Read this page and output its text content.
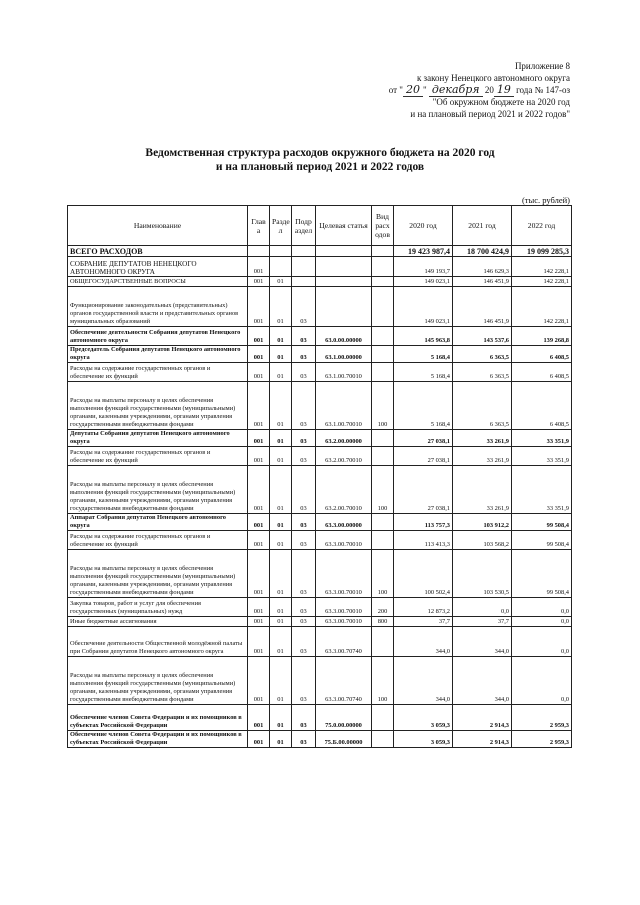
Приложение 8
к закону Ненецкого автономного округа
от " 20 " декабря 20 19 года № 147-оз
"Об окружном бюджете на 2020 год
и на плановый период 2021 и 2022 годов"
Ведомственная структура расходов окружного бюджета на 2020 год
и на плановый период 2021 и 2022 годов
(тыс. рублей)
Наименование	Глав а	Разде л	Подр аздел	Целевая статья	Вид расх одов	2020 год	2021 год	2022 год
ВСЕГО РАСХОДОВ						19 423 987,4	18 700 424,9	19 099 285,3
СОБРАНИЕ ДЕПУТАТОВ НЕНЕЦКОГО АВТОНОМНОГО ОКРУГА	001					149 193,7	146 629,3	142 228,1
ОБЩЕГОСУДАРСТВЕННЫЕ ВОПРОСЫ	001	01				149 023,1	146 451,9	142 228,1
Функционирование законодательных (представительных) органов государственной власти и представительных органов муниципальных образований	001	01	03			149 023,1	146 451,9	142 228,1
Обеспечение деятельности Собрания депутатов Ненецкого автономного округа	001	01	03	63.0.00.00000		145 963,8	143 537,6	139 268,8
Председатель Собрания депутатов Ненецкого автономного округа	001	01	03	63.1.00.00000		5 168,4	6 363,5	6 408,5
Расходы на содержание государственных органов и обеспечение их функций	001	01	03	63.1.00.70010		5 168,4	6 363,5	6 408,5
Расходы на выплаты персоналу в целях обеспечения выполнения функций государственными (муниципальными) органами, казенными учреждениями, органами управления государственными внебюджетными фондами	001	01	03	63.1.00.70010	100	5 168,4	6 363,5	6 408,5
Депутаты Собрания депутатов Ненецкого автономного округа	001	01	03	63.2.00.00000		27 038,1	33 261,9	33 351,9
Расходы на содержание государственных органов и обеспечение их функций	001	01	03	63.2.00.70010		27 038,1	33 261,9	33 351,9
Расходы на выплаты персоналу в целях обеспечения выполнения функций государственными (муниципальными) органами, казенными учреждениями, органами управления государственными внебюджетными фондами	001	01	03	63.2.00.70010	100	27 038,1	33 261,9	33 351,9
Аппарат Собрания депутатов Ненецкого автономного округа	001	01	03	63.3.00.00000		113 757,3	103 912,2	99 508,4
Расходы на содержание государственных органов и обеспечение их функций	001	01	03	63.3.00.70010		113 413,3	103 568,2	99 508,4
Расходы на выплаты персоналу в целях обеспечения выполнения функций государственными (муниципальными) органами, казенными учреждениями, органами управления государственными внебюджетными фондами	001	01	03	63.3.00.70010	100	100 502,4	103 530,5	99 508,4
Закупка товаров, работ и услуг для обеспечения государственных (муниципальных) нужд	001	01	03	63.3.00.70010	200	12 873,2	0,0	0,0
Иные бюджетные ассигнования	001	01	03	63.3.00.70010	800	37,7	37,7	0,0
Обеспечение деятельности Общественной молодёжной палаты при Собрании депутатов Ненецкого автономного округа	001	01	03	63.3.00.70740		344,0	344,0	0,0
Расходы на выплаты персоналу в целях обеспечения выполнения функций государственными (муниципальными) органами, казенными учреждениями, органами управления государственными внебюджетными фондами	001	01	03	63.3.00.70740	100	344,0	344,0	0,0
Обеспечение членов Совета Федерации и их помощников в субъектах Российской Федерации	001	01	03	75.0.00.00000		3 059,3	2 914,3	2 959,3
Обеспечение членов Совета Федерации и их помощников в субъектах Российской Федерации	001	01	03	75.Б.00.00000		3 059,3	2 914,3	2 959,3
